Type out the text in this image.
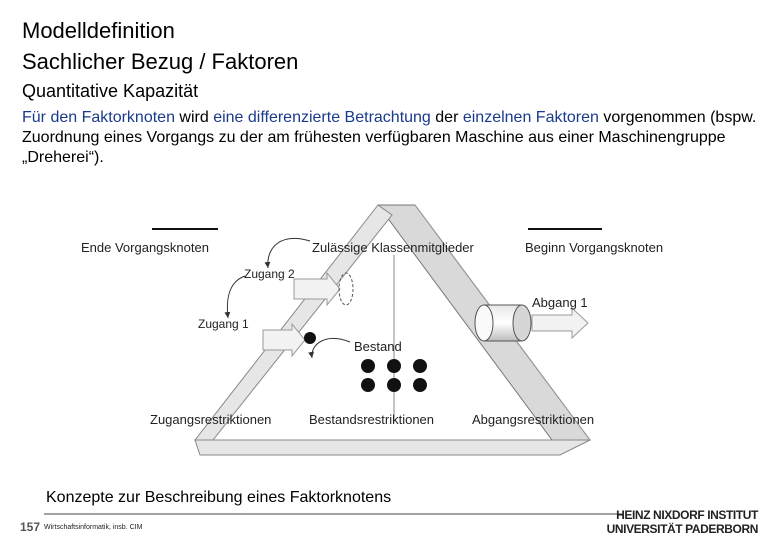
Modelldefinition
Sachlicher Bezug / Faktoren
Quantitative Kapazität
Für den Faktorknoten wird eine differenzierte Betrachtung der einzelnen Faktoren vorgenommen (bspw. Zuordnung eines Vorgangs zu der am frühesten verfügbaren Maschine aus einer Maschinengruppe „Dreherei“).
Ende Vorgangsknoten	Zulässige Klassenmitglieder	Beginn Vorgangsknoten
Zugang 2
Abgang 1
Zugang 1
Bestand
Zugangsrestriktionen	Bestandsrestriktionen	Abgangsrestriktionen
Konzepte zur Beschreibung eines Faktorknotens
157 Wirtschaftsinformatik, insb. CIM
HEINZ NIXDORF INSTITUT
UNIVERSITÄT PADERBORN
